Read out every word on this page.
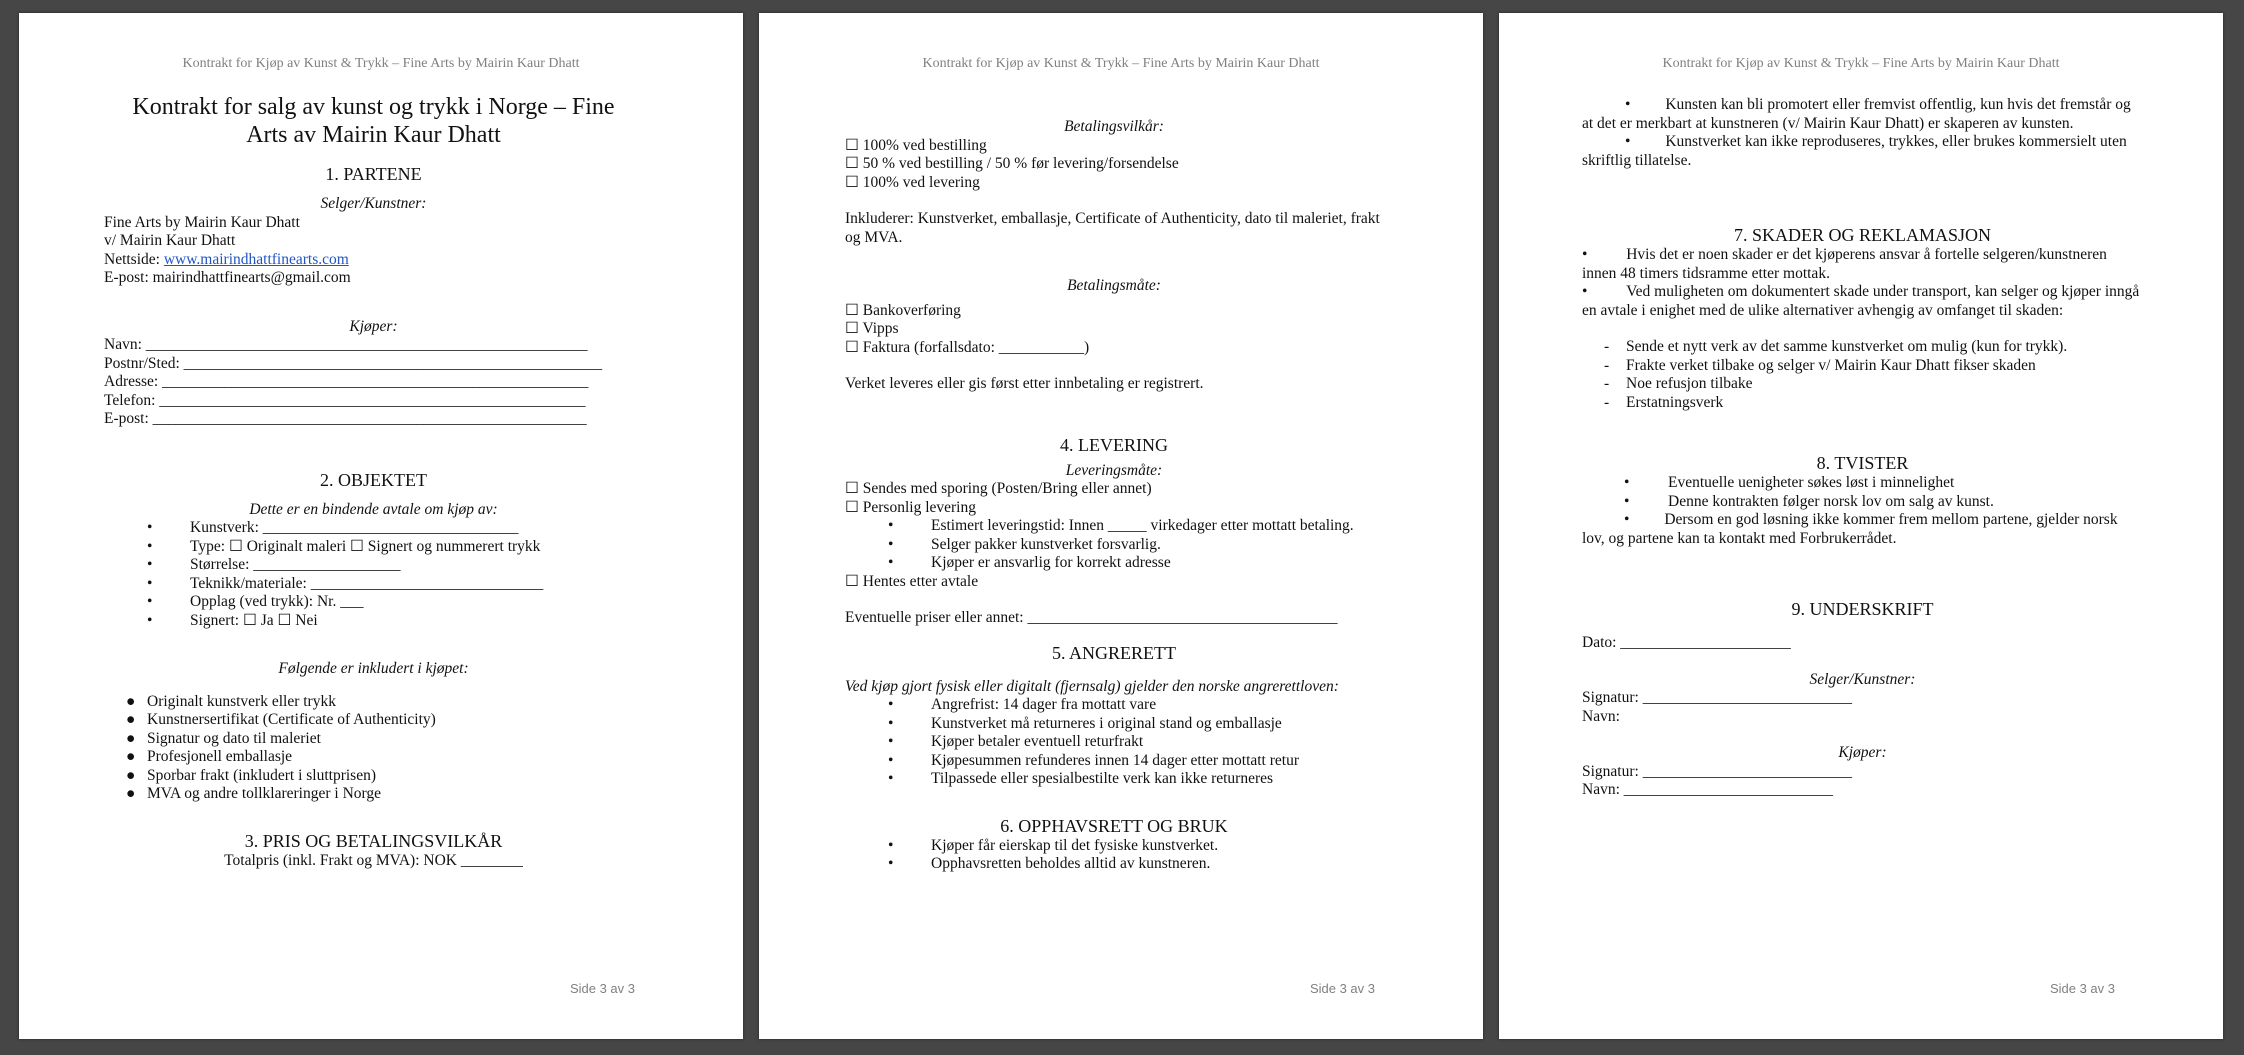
Kontrakt for Kjøp av Kunst & Trykk – Fine Arts by Mairin Kaur Dhatt
Kontrakt for salg av kunst og trykk i Norge – Fine Arts av Mairin Kaur Dhatt
1. PARTENE
Selger/Kunstner:
Fine Arts by Mairin Kaur Dhatt
v/ Mairin Kaur Dhatt
Nettside: www.mairindhattfinearts.com
E-post: mairindhattfinearts@gmail.com
Kjøper:
Navn: _________________________________________________________
Postnr/Sted: ______________________________________________________
Adresse: _______________________________________________________
Telefon: _______________________________________________________
E-post: ________________________________________________________
2. OBJEKTET
Dette er en bindende avtale om kjøp av:
•	Kunstverk: _________________________________
•	Type: ☐ Originalt maleri ☐ Signert og nummerert trykk
•	Størrelse: ___________________
•	Teknikk/materiale: ______________________________
•	Opplag (ved trykk): Nr. ___
•	Signert: ☐ Ja ☐ Nei
Følgende er inkludert i kjøpet:
● Originalt kunstverk eller trykk
● Kunstnersertifikat (Certificate of Authenticity)
● Signatur og dato til maleriet
● Profesjonell emballasje
● Sporbar frakt (inkludert i sluttprisen)
● MVA og andre tollklareringer i Norge
3. PRIS OG BETALINGSVILKÅR
Totalpris (inkl. Frakt og MVA): NOK ________
Side 3 av 3
Kontrakt for Kjøp av Kunst & Trykk – Fine Arts by Mairin Kaur Dhatt
Betalingsvilkår:
☐ 100% ved bestilling
☐ 50 % ved bestilling / 50 % før levering/forsendelse
☐ 100% ved levering
Inkluderer: Kunstverket, emballasje, Certificate of Authenticity, dato til maleriet, frakt og MVA.
Betalingsmåte:
☐ Bankoverføring
☐ Vipps
☐ Faktura (forfallsdato: ___________)
Verket leveres eller gis først etter innbetaling er registrert.
4. LEVERING
Leveringsmåte:
☐ Sendes med sporing (Posten/Bring eller annet)
☐ Personlig levering
•	Estimert leveringstid: Innen _____ virkedager etter mottatt betaling.
•	Selger pakker kunstverket forsvarlig.
•	Kjøper er ansvarlig for korrekt adresse
☐ Hentes etter avtale
Eventuelle priser eller annet: ________________________________________
5. ANGRERETT
Ved kjøp gjort fysisk eller digitalt (fjernsalg) gjelder den norske angrerettloven:
•	Angrefrist: 14 dager fra mottatt vare
•	Kunstverket må returneres i original stand og emballasje
•	Kjøper betaler eventuell returfrakt
•	Kjøpesummen refunderes innen 14 dager etter mottatt retur
•	Tilpassede eller spesialbestilte verk kan ikke returneres
6. OPPHAVSRETT OG BRUK
•	Kjøper får eierskap til det fysiske kunstverket.
•	Opphavsretten beholdes alltid av kunstneren.
Side 3 av 3
Kontrakt for Kjøp av Kunst & Trykk – Fine Arts by Mairin Kaur Dhatt
•         Kunsten kan bli promotert eller fremvist offentlig, kun hvis det fremstår og at det er merkbart at kunstneren (v/ Mairin Kaur Dhatt) er skaperen av kunsten.
•         Kunstverket kan ikke reproduseres, trykkes, eller brukes kommersielt uten skriftlig tillatelse.
7. SKADER OG REKLAMASJON
•          Hvis det er noen skader er det kjøperens ansvar å fortelle selgeren/kunstneren innen 48 timers tidsramme etter mottak.
•          Ved muligheten om dokumentert skade under transport, kan selger og kjøper inngå en avtale i enighet med de ulike alternativer avhengig av omfanget til skaden:
-	Sende et nytt verk av det samme kunstverket om mulig (kun for trykk).
-	Frakte verket tilbake og selger v/ Mairin Kaur Dhatt fikser skaden
-	Noe refusjon tilbake
-	Erstatningsverk
8. TVISTER
•	Eventuelle uenigheter søkes løst i minnelighet
•	Denne kontrakten følger norsk lov om salg av kunst.
•         Dersom en god løsning ikke kommer frem mellom partene, gjelder norsk lov, og partene kan ta kontakt med Forbrukerrådet.
9. UNDERSKRIFT
Dato: ______________________
Selger/Kunstner:
Signatur: ___________________________
Navn:
Kjøper:
Signatur: ___________________________
Navn: ___________________________
Side 3 av 3
